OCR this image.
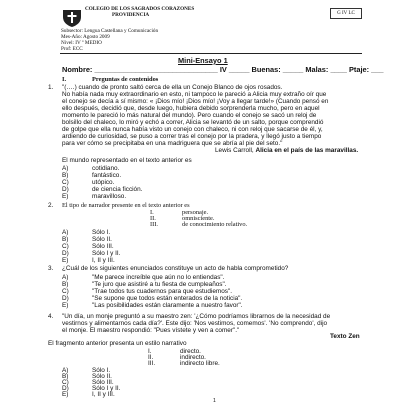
COLEGIO DE LOS SAGRADOS CORAZONES
PROVIDENCIA
Subsector: Lengua Castellana y Comunicación
Mes-Año: Agosto 2009
Nivel: IV º MEDIO
Prof: ECC
G IV LC
Mini-Ensayo 1
Nombre: ______________________________ IV _____ Buenas: _____ Malas: ____ Ptaje: ___
I.	Preguntas de contenidos
1. "(….) cuando de pronto saltó cerca de ella un Conejo Blanco de ojos rosados.
No había nada muy extraordinario en esto, ni tampoco le pareció a Alicia muy extraño oír que
el conejo se decía a sí mismo: « ¡Dios mío! ¡Dios mío! ¡Voy a llegar tarde!» (Cuando pensó en
ello después, decidió que, desde luego, hubiera debido sorprenderla mucho, pero en aquel
momento le pareció lo más natural del mundo). Pero cuando el conejo se sacó un reloj de
bolsillo del chaleco, lo miró y echó a correr, Alicia se levantó de un salto, porque comprendió
de golpe que ella nunca había visto un conejo con chaleco, ni con reloj que sacarse de él, y,
ardiendo de curiosidad, se puso a correr tras el conejo por la pradera, y llegó justo a tiempo
para ver cómo se precipitaba en una madriguera que se abría al pie del seto."
Lewis Carroll, Alicia en el país de las maravillas.
El mundo representado en el texto anterior es
A)	cotidiano.
B)	fantástico.
C)	utópico.
D)	de ciencia ficción.
E)	maravilloso.
2. El tipo de narrador presente en el texto anterior es
I.	personaje.
II.	omnisciente.
III.	de conocimiento relativo.
A)	Sólo I.
B)	Sólo II.
C)	Sólo III.
D)	Sólo I y II.
E)	I, II y III.
3. ¿Cuál de los siguientes enunciados constituye un acto de habla comprometido?
A)	"Me parece increíble que aún no lo entiendas".
B)	"Te juro que asistiré a tu fiesta de cumpleaños".
C)	"Trae todos tus cuadernos para que estudiemos".
D)	"Se supone que todos están enterados de la noticia".
E)	"Las posibilidades están claramente a nuestro favor".
4. "Un día, un monje preguntó a su maestro zen: '¿Cómo podríamos librarnos de la necesidad de
vestirnos y alimentarnos cada día?'. Este dijo: 'Nos vestimos, comemos'. 'No comprendo', dijo
el monje. El maestro respondió: "Pues vístete y ven a comer"."
Texto Zen
El fragmento anterior presenta un estilo narrativo
I.	directo.
II.	indirecto.
III.	indirecto libre.
A)	Sólo I.
B)	Sólo II.
C)	Sólo III.
D)	Sólo I y II.
E)	I, II y III.
1
